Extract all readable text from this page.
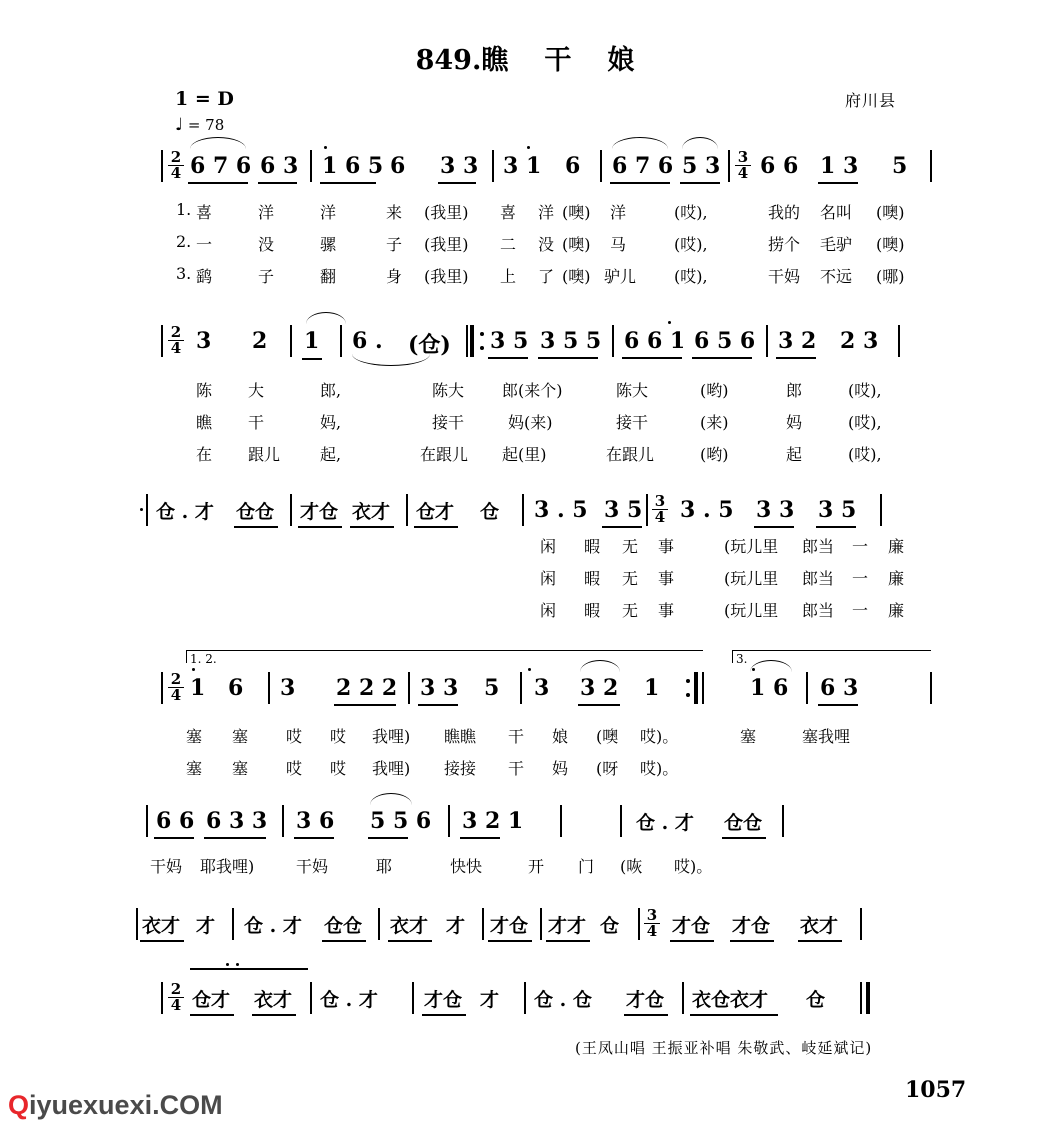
849.瞧 干 娘
府川县
1 = D
♩ = 78
2
4 6 7 6 6 3 1 6 5 6 3 3 3 1 6 6 7 6 5 3 3
4 6 6 1 3 5
1. 喜	洋	洋	来 (我里) 喜 洋 (噢) 洋	(哎),	我的 名叫 (噢)
2. 一	没	骡	子 (我里) 二 没 (噢) 马	(哎),	捞个 毛驴 (噢)
3. 鹞	子	翻	身 (我里) 上 了 (噢) 驴儿 (哎),	干妈 不远 (哪)
2
4 3 2 1 6 . (仓) 3 5 3 5 5 6 6 1 6 5 6 3 2 2 3
陈 大	郎,	陈大 郎(来个)	陈大	(哟)	郎	(哎),
瞧 干	妈,	接干	妈(来)	接干	(来)	妈	(哎),
在 跟儿 起,	在跟儿 起(里)	在跟儿	(哟)	起	(哎),
仓 . 才 仓仓 才仓 衣才 仓才 仓 3 . 5 3 5 3
4 3 . 5 3 3 3 5
闲 暇 无 事	(玩儿里 郎当 一 廉
闲 暇 无 事	(玩儿里 郎当 一 廉
闲 暇 无 事	(玩儿里 郎当 一 廉
1. 2.	3.
2
4 1 6 3 2 2 2 3 3 5 3 3 2 1	1 6 6 3
塞 塞 哎 哎 我哩) 瞧瞧 干 娘 (噢 哎)。	塞	塞我哩
塞 塞 哎 哎 我哩) 接接 干 妈 (呀 哎)。
6 6 6 3 3 3 6 5 5 6 3 2 1	仓 . 才 仓仓
干妈 耶我哩)	干妈	耶	快快	开 门 (咴 哎)。
衣才 才 仓 . 才 仓仓 衣才 才 才仓 才才 仓 3
4 才仓 才仓 衣才
2
4 仓才 衣才 仓 . 才 才仓 才 仓 . 仓 才仓 衣仓衣才 仓
(王凤山唱 王振亚补唱 朱敬武、岐延斌记)
1057
Qiyuexuexi.COM
